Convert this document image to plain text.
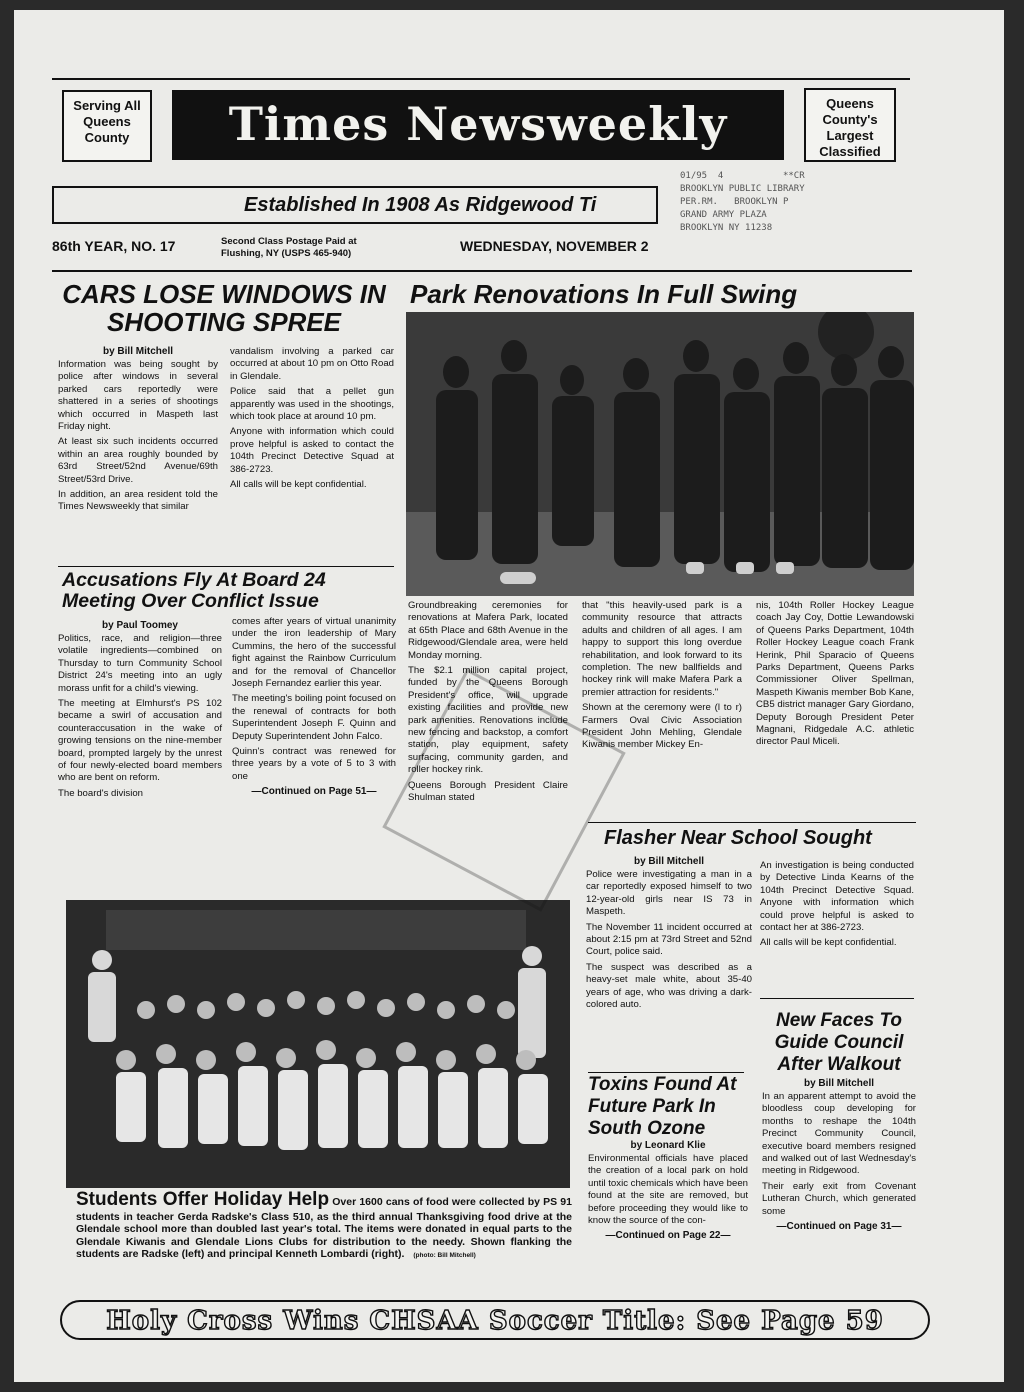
Serving All Queens County	Times Newsweekly	Queens County's Largest Classified
Established In 1908 As Ridgewood Ti
01/95  4           **CR
BROOKLYN PUBLIC LIBRARY
PER.RM.   BROOKLYN P
GRAND ARMY PLAZA
BROOKLYN NY 11238
86th YEAR, NO. 17	Second Class Postage Paid at Flushing, NY (USPS 465-940)	WEDNESDAY, NOVEMBER 2
CARS LOSE WINDOWS IN SHOOTING SPREE
by Bill Mitchell

Information was being sought by police after windows in several parked cars reportedly were shattered in a series of shootings which occurred in Maspeth last Friday night.

At least six such incidents occurred within an area roughly bounded by 63rd Street/52nd Avenue/69th Street/53rd Drive.

In addition, an area resident told the Times Newsweekly that similar

vandalism involving a parked car occurred at about 10 pm on Otto Road in Glendale.

Police said that a pellet gun apparently was used in the shootings, which took place at around 10 pm.

Anyone with information which could prove helpful is asked to contact the 104th Precinct Detective Squad at 386-2723.

All calls will be kept confidential.

Park Renovations In Full Swing

Groundbreaking ceremonies for renovations at Mafera Park, located at 65th Place and 68th Avenue in the Ridgewood/Glendale area, were held Monday morning.

The $2.1 million capital project, funded by the Queens Borough President's office, will upgrade existing facilities and provide new park amenities. Renovations include new fencing and backstop, a comfort station, play equipment, safety surfacing, community garden, and roller hockey rink.

Queens Borough President Claire Shulman stated

that "this heavily-used park is a community resource that attracts adults and children of all ages. I am happy to support this long overdue rehabilitation, and look forward to its completion. The new ballfields and hockey rink will make Mafera Park a premier attraction for residents."

Shown at the ceremony were (l to r) Farmers Oval Civic Association President John Mehling, Glendale Kiwanis member Mickey En-

nis, 104th Roller Hockey League coach Jay Coy, Dottie Lewandowski of Queens Parks Department, 104th Roller Hockey League coach Frank Herink, Phil Sparacio of Queens Parks Department, Queens Parks Commissioner Oliver Spellman, Maspeth Kiwanis member Bob Kane, CB5 district manager Gary Giordano, Deputy Borough President Peter Magnani, Ridgedale A.C. athletic director Paul Miceli.

Accusations Fly At Board 24 Meeting Over Conflict Issue
by Paul Toomey

Politics, race, and religion—three volatile ingredients—combined on Thursday to turn Community School District 24's meeting into an ugly morass unfit for a child's viewing.

The meeting at Elmhurst's PS 102 became a swirl of accusation and counteraccusation in the wake of growing tensions on the nine-member board, prompted largely by the unrest of four newly-elected board members who are bent on reform.

The board's division

comes after years of virtual unanimity under the iron leadership of Mary Cummins, the hero of the successful fight against the Rainbow Curriculum and for the removal of Chancellor Joseph Fernandez earlier this year.

The meeting's boiling point focused on the renewal of contracts for both Superintendent Joseph F. Quinn and Deputy Superintendent John Falco.

Quinn's contract was renewed for three years by a vote of 5 to 3 with one

—Continued on Page 51—
Flasher Near School Sought
by Bill Mitchell

Police were investigating a man in a car reportedly exposed himself to two 12-year-old girls near IS 73 in Maspeth.

The November 11 incident occurred at about 2:15 pm at 73rd Street and 52nd Court, police said.

The suspect was described as a heavy-set male white, about 35-40 years of age, who was driving a dark-colored auto.

An investigation is being conducted by Detective Linda Kearns of the 104th Precinct Detective Squad. Anyone with information which could prove helpful is asked to contact her at 386-2723.

All calls will be kept confidential.

Students Offer Holiday Help Over 1600 cans of food were collected by PS 91 students in teacher Gerda Radske's Class 510, as the third annual Thanksgiving food drive at the Glendale school more than doubled last year's total. The items were donated in equal parts to the Glendale Kiwanis and Glendale Lions Clubs for distribution to the needy. Shown flanking the students are Radske (left) and principal Kenneth Lombardi (right). (photo: Bill Mitchell)
Toxins Found At Future Park In South Ozone
by Leonard Klie

Environmental officials have placed the creation of a local park on hold until toxic chemicals which have been found at the site are removed, but before proceeding they would like to know the source of the con-

—Continued on Page 22—
New Faces To Guide Council After Walkout
by Bill Mitchell

In an apparent attempt to avoid the bloodless coup developing for months to reshape the 104th Precinct Community Council, executive board members resigned and walked out of last Wednesday's meeting in Ridgewood.

Their early exit from Covenant Lutheran Church, which generated some

—Continued on Page 31—
Holy Cross Wins CHSAA Soccer Title: See Page 59
